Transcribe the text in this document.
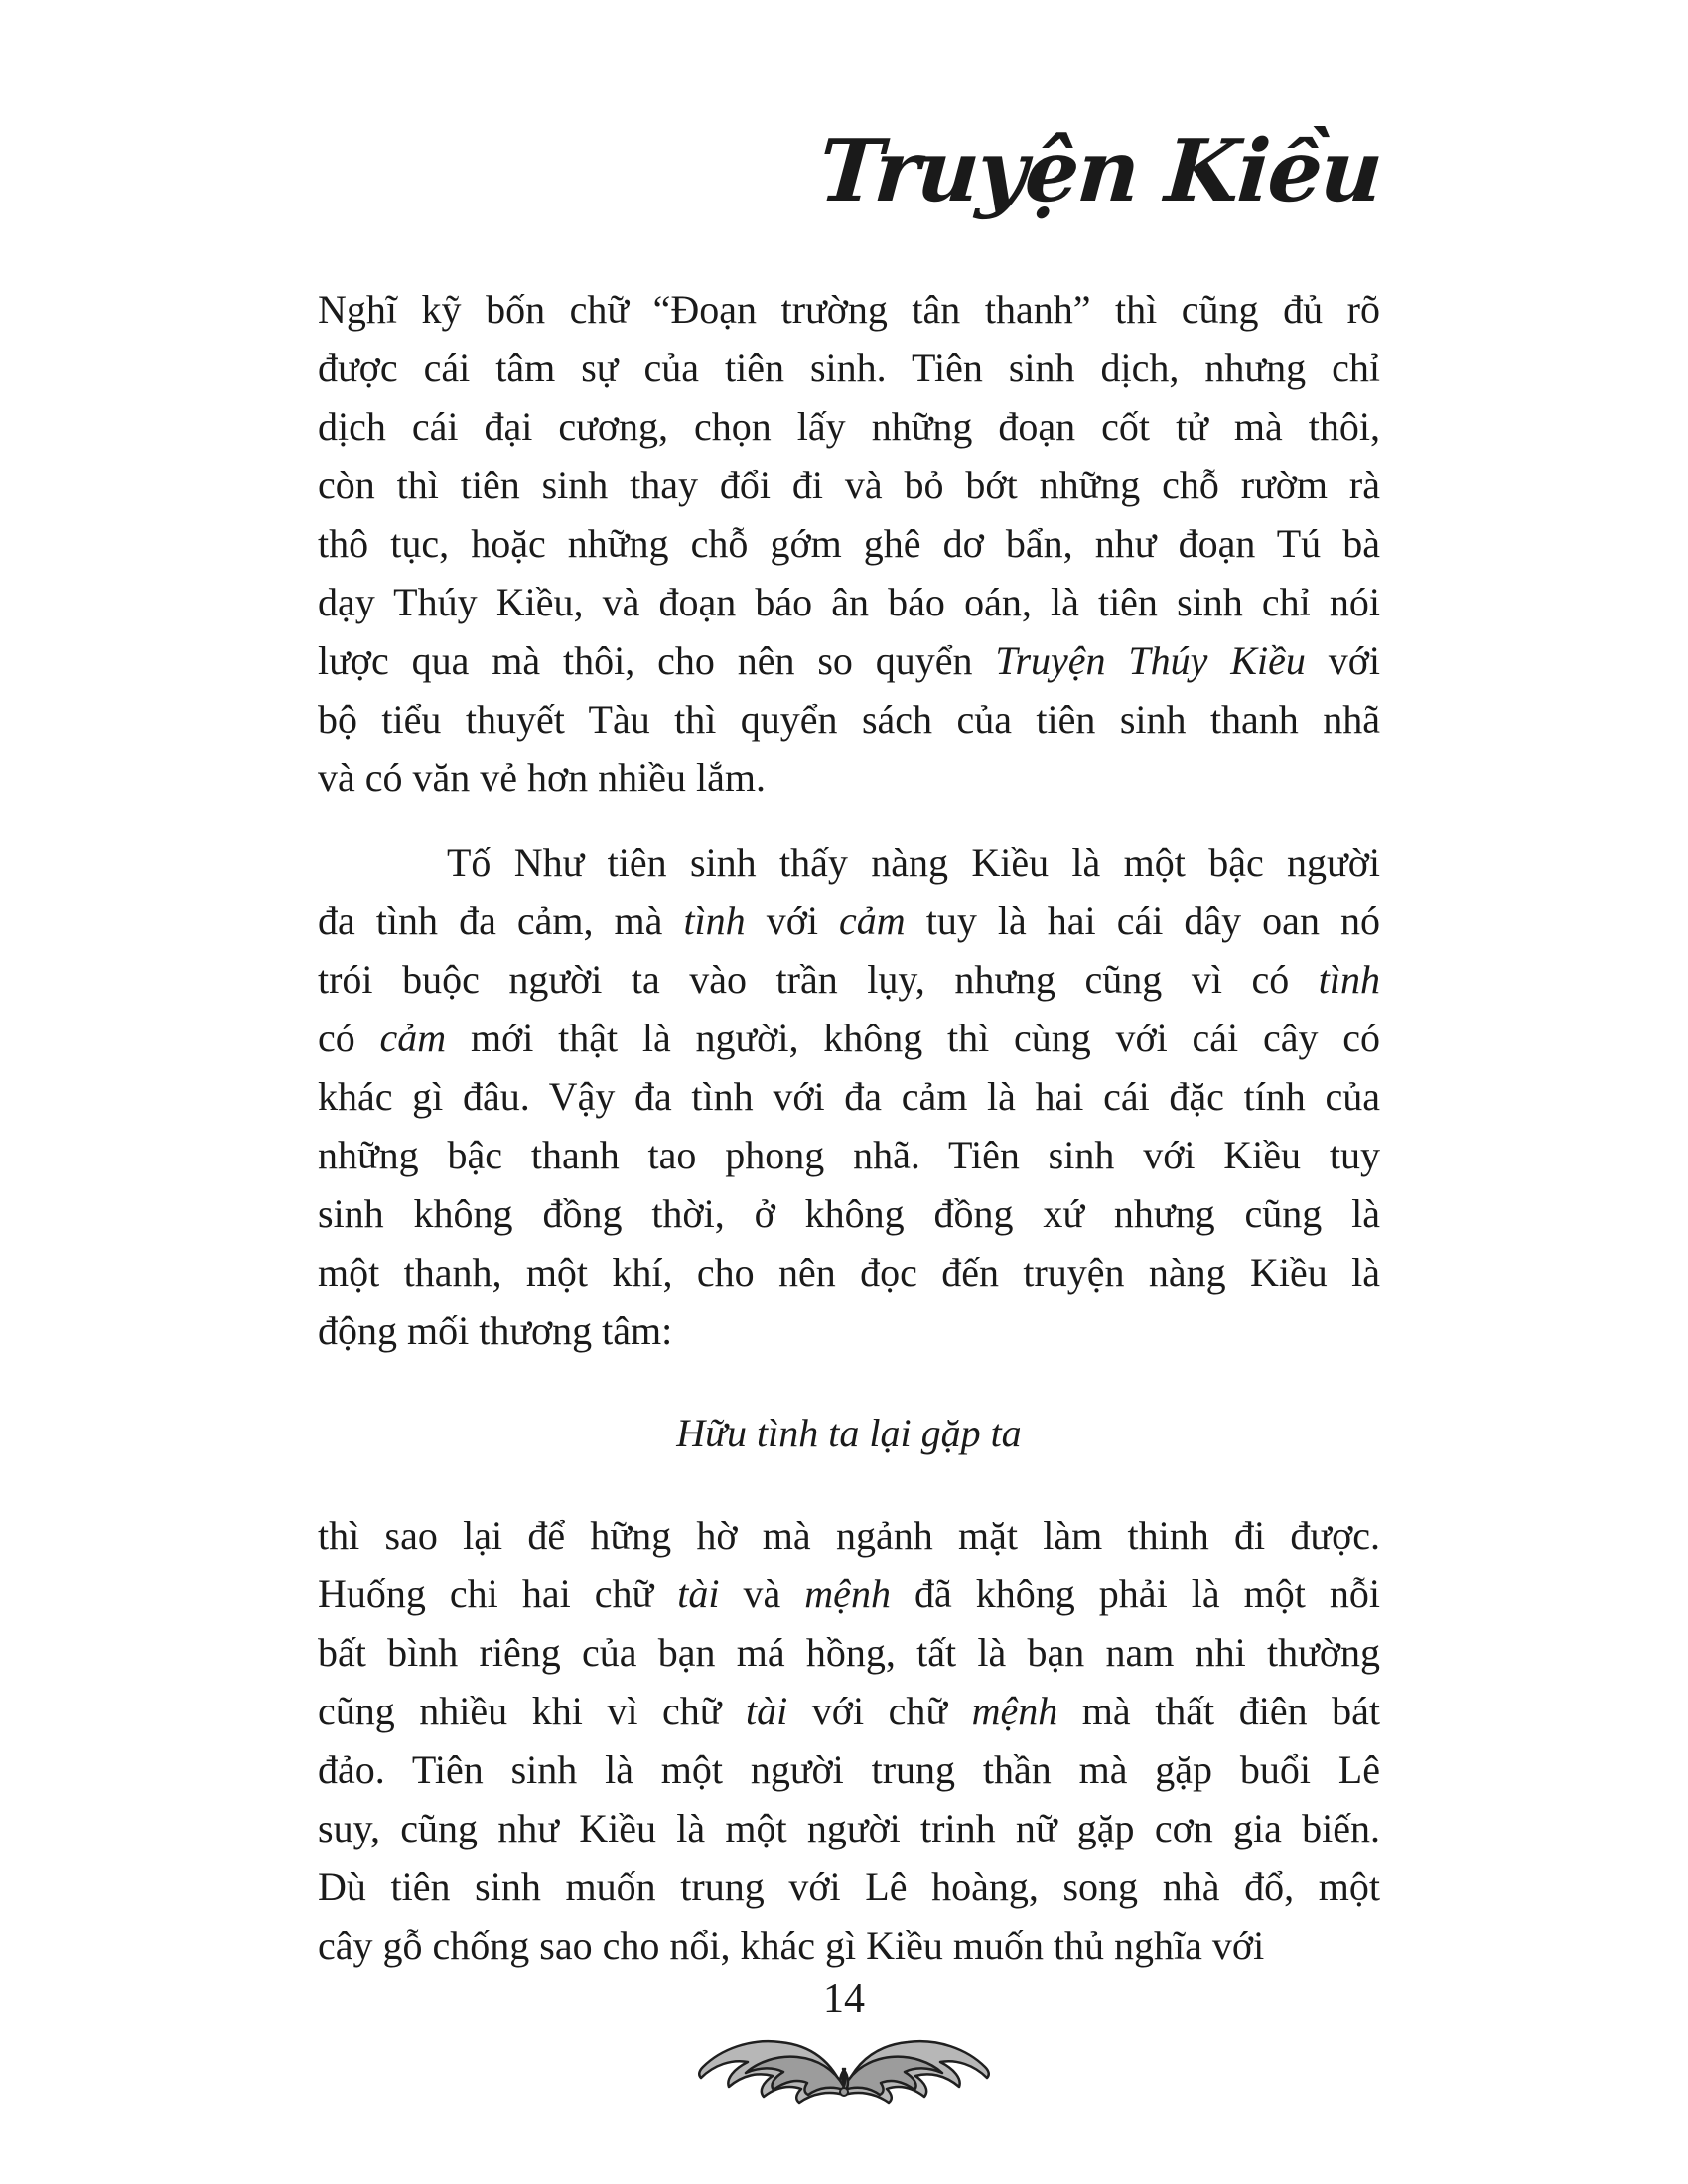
Truyện Kiều
Nghĩ kỹ bốn chữ “Đoạn trường tân thanh” thì cũng đủ rõ
được cái tâm sự của tiên sinh. Tiên sinh dịch, nhưng chỉ
dịch cái đại cương, chọn lấy những đoạn cốt tử mà thôi,
còn thì tiên sinh thay đổi đi và bỏ bớt những chỗ rườm rà
thô tục, hoặc những chỗ gớm ghê dơ bẩn, như đoạn Tú bà
dạy Thúy Kiều, và đoạn báo ân báo oán, là tiên sinh chỉ nói
lược qua mà thôi, cho nên so quyển Truyện Thúy Kiều với
bộ tiểu thuyết Tàu thì quyển sách của tiên sinh thanh nhã
và có văn vẻ hơn nhiều lắm.
Tố Như tiên sinh thấy nàng Kiều là một bậc người
đa tình đa cảm, mà tình với cảm tuy là hai cái dây oan nó
trói buộc người ta vào trần lụy, nhưng cũng vì có tình
có cảm mới thật là người, không thì cùng với cái cây có
khác gì đâu. Vậy đa tình với đa cảm là hai cái đặc tính của
những bậc thanh tao phong nhã. Tiên sinh với Kiều tuy
sinh không đồng thời, ở không đồng xứ nhưng cũng là
một thanh, một khí, cho nên đọc đến truyện nàng Kiều là
động mối thương tâm:
Hữu tình ta lại gặp ta
thì sao lại để hững hờ mà ngảnh mặt làm thinh đi được.
Huống chi hai chữ tài và mệnh đã không phải là một nỗi
bất bình riêng của bạn má hồng, tất là bạn nam nhi thường
cũng nhiều khi vì chữ tài với chữ mệnh mà thất điên bát
đảo. Tiên sinh là một người trung thần mà gặp buổi Lê
suy, cũng như Kiều là một người trinh nữ gặp cơn gia biến.
Dù tiên sinh muốn trung với Lê hoàng, song nhà đổ, một
cây gỗ chống sao cho nổi, khác gì Kiều muốn thủ nghĩa với
14
